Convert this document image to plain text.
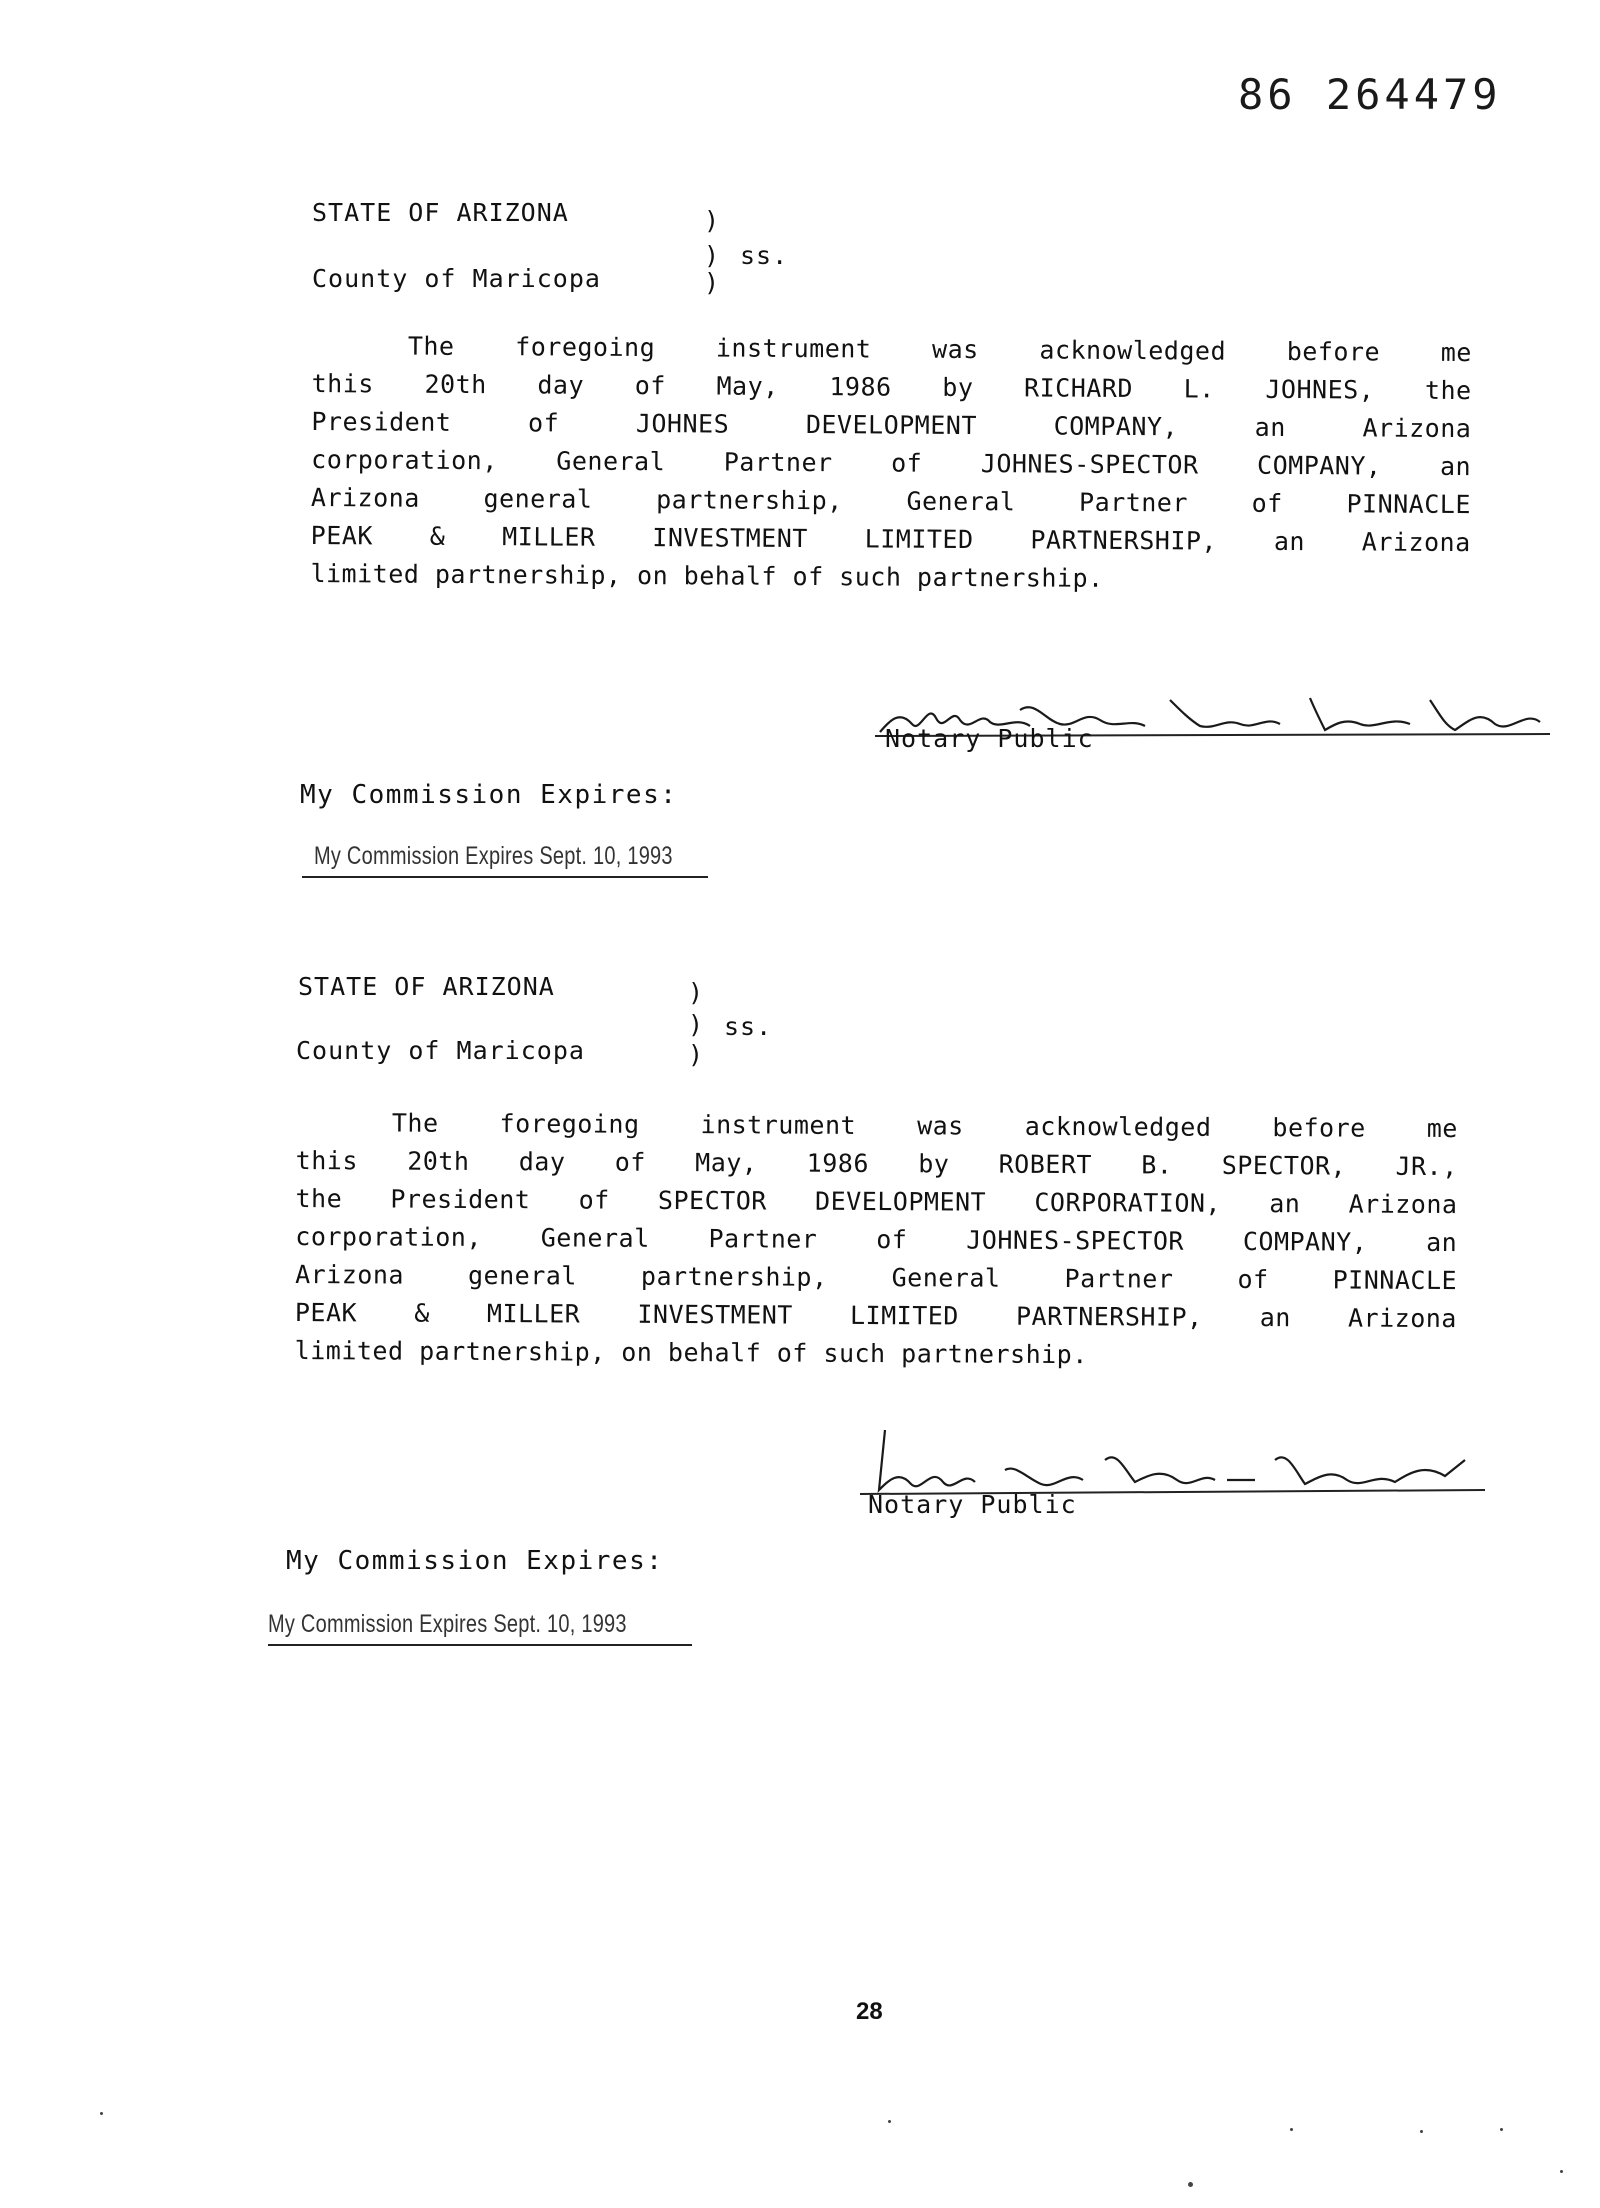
86 264479
STATE OF ARIZONA
County of Maricopa
)
)
)
ss.
The foregoing instrument was acknowledged before me
this 20th day of May, 1986 by RICHARD L. JOHNES, the
President of JOHNES DEVELOPMENT COMPANY, an Arizona
corporation, General Partner of JOHNES-SPECTOR COMPANY, an
Arizona general partnership, General Partner of PINNACLE
PEAK & MILLER INVESTMENT LIMITED PARTNERSHIP, an Arizona
limited partnership, on behalf of such partnership.
Notary Public
My Commission Expires:
My Commission Expires Sept. 10, 1993
STATE OF ARIZONA
County of Maricopa
)
)
)
ss.
The foregoing instrument was acknowledged before me
this 20th day of May, 1986 by ROBERT B. SPECTOR, JR.,
the President of SPECTOR DEVELOPMENT CORPORATION, an Arizona
corporation, General Partner of JOHNES-SPECTOR COMPANY, an
Arizona general partnership, General Partner of PINNACLE
PEAK & MILLER INVESTMENT LIMITED PARTNERSHIP, an Arizona
limited partnership, on behalf of such partnership.
Notary Public
My Commission Expires:
My Commission Expires Sept. 10, 1993
28
